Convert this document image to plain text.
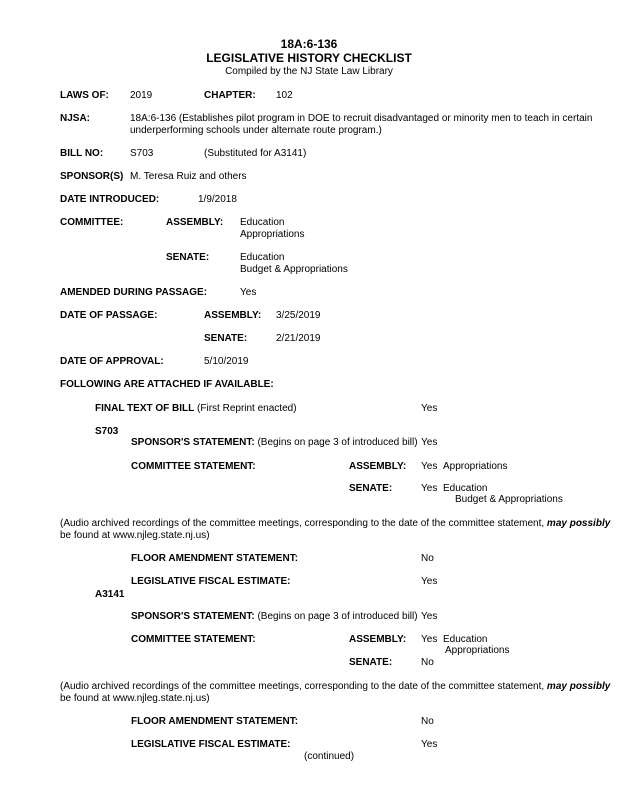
18A:6-136
LEGISLATIVE HISTORY CHECKLIST
Compiled by the NJ State Law Library
LAWS OF: 2019	CHAPTER: 102
NJSA:	18A:6-136 (Establishes pilot program in DOE to recruit disadvantaged or minority men to teach in certain
underperforming schools under alternate route program.)
BILL NO:	S703	(Substituted for A3141)
SPONSOR(S) M. Teresa Ruiz and others
DATE INTRODUCED:	1/9/2018
COMMITTEE:	ASSEMBLY: Education
Appropriations
SENATE:	Education
Budget & Appropriations
AMENDED DURING PASSAGE:	Yes
DATE OF PASSAGE:	ASSEMBLY: 3/25/2019
SENATE:	2/21/2019
DATE OF APPROVAL:	5/10/2019
FOLLOWING ARE ATTACHED IF AVAILABLE:
FINAL TEXT OF BILL (First Reprint enacted)	Yes
S703
SPONSOR'S STATEMENT: (Begins on page 3 of introduced bill) Yes
COMMITTEE STATEMENT:	ASSEMBLY: Yes Appropriations
SENATE:	Yes Education
Budget & Appropriations
(Audio archived recordings of the committee meetings, corresponding to the date of the committee statement, may possibly
be found at www.njleg.state.nj.us)
FLOOR AMENDMENT STATEMENT:	No
LEGISLATIVE FISCAL ESTIMATE:	Yes
A3141
SPONSOR'S STATEMENT: (Begins on page 3 of introduced bill) Yes
COMMITTEE STATEMENT:	ASSEMBLY: Yes Education
Appropriations
SENATE:	No
(Audio archived recordings of the committee meetings, corresponding to the date of the committee statement, may possibly
be found at www.njleg.state.nj.us)
FLOOR AMENDMENT STATEMENT:	No
LEGISLATIVE FISCAL ESTIMATE:	Yes
(continued)
